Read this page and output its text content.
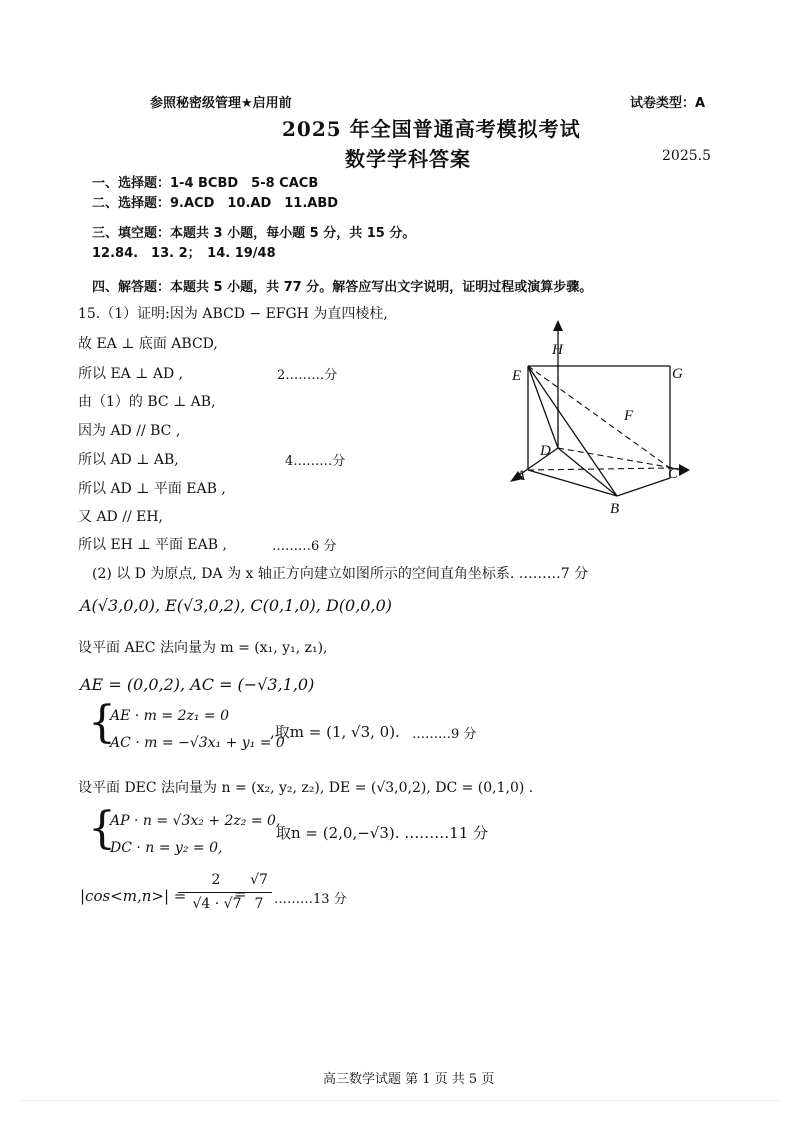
参照秘密级管理★启用前	试卷类型：A
2025 年全国普通高考模拟考试
数学学科答案	2025.5
一、选择题：1-4 BCBD　5-8 CACB
二、选择题：9.ACD　10.AD　11.ABD
三、填空题：本题共 3 小题，每小题 5 分，共 15 分。
12.84.　13. 2；　14. 19/48
四、解答题：本题共 5 小题，共 77 分。解答应写出文字说明，证明过程或演算步骤。
15.（1）证明:因为 ABCD − EFGH 为直四棱柱,
故 EA ⊥ 底面 ABCD,
所以 EA ⊥ AD ,	2………分
由（1）的 BC ⊥ AB,
因为 AD // BC ,
所以 AD ⊥ AB,	4………分
所以 AD ⊥ 平面 EAB ,
又 AD // EH,
所以 EH ⊥ 平面 EAB ,	………6 分
H
E	G
F
D
A	C
B
(2) 以 D 为原点, DA 为 x 轴正方向建立如图所示的空间直角坐标系. ………7 分
A(√3,0,0), E(√3,0,2), C(0,1,0), D(0,0,0)
设平面 AEC 法向量为 m = (x₁, y₁, z₁),
AE = (0,0,2), AC = (−√3,1,0)
{
AE · m = 2z₁ = 0
AC · m = −√3x₁ + y₁ = 0
,取m = (1, √3, 0). ………9 分
设平面 DEC 法向量为 n = (x₂, y₂, z₂), DE = (√3,0,2), DC = (0,1,0) .
{
AP · n = √3x₂ + 2z₂ = 0,
DC · n = y₂ = 0,
取n = (2,0,−√3). ………11 分
|cos<m,n>| =
2
√4 · √7
=
√7
7 ………13 分
高三数学试题 第 1 页 共 5 页
